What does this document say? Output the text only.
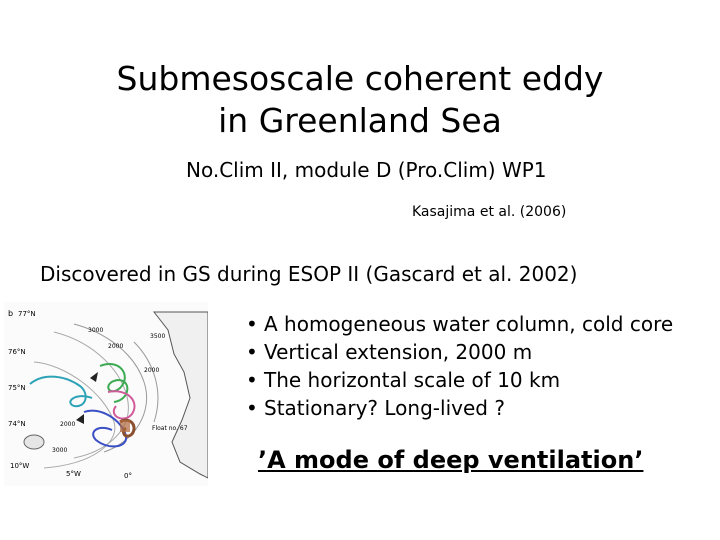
Submesoscale coherent eddy
in Greenland Sea
No.Clim II, module D (Pro.Clim) WP1
Kasajima et al. (2006)
Discovered in GS during ESOP II (Gascard et al. 2002)
• A homogeneous water column, cold core
• Vertical extension, 2000 m
• The horizontal scale of 10 km
• Stationary? Long-lived ?
’A mode of deep ventilation’
b 77°N
76°N
75°N
74°N
10°W
5°W	0°
3000
2000
3500
3000
2000
2000
Float no. 67
